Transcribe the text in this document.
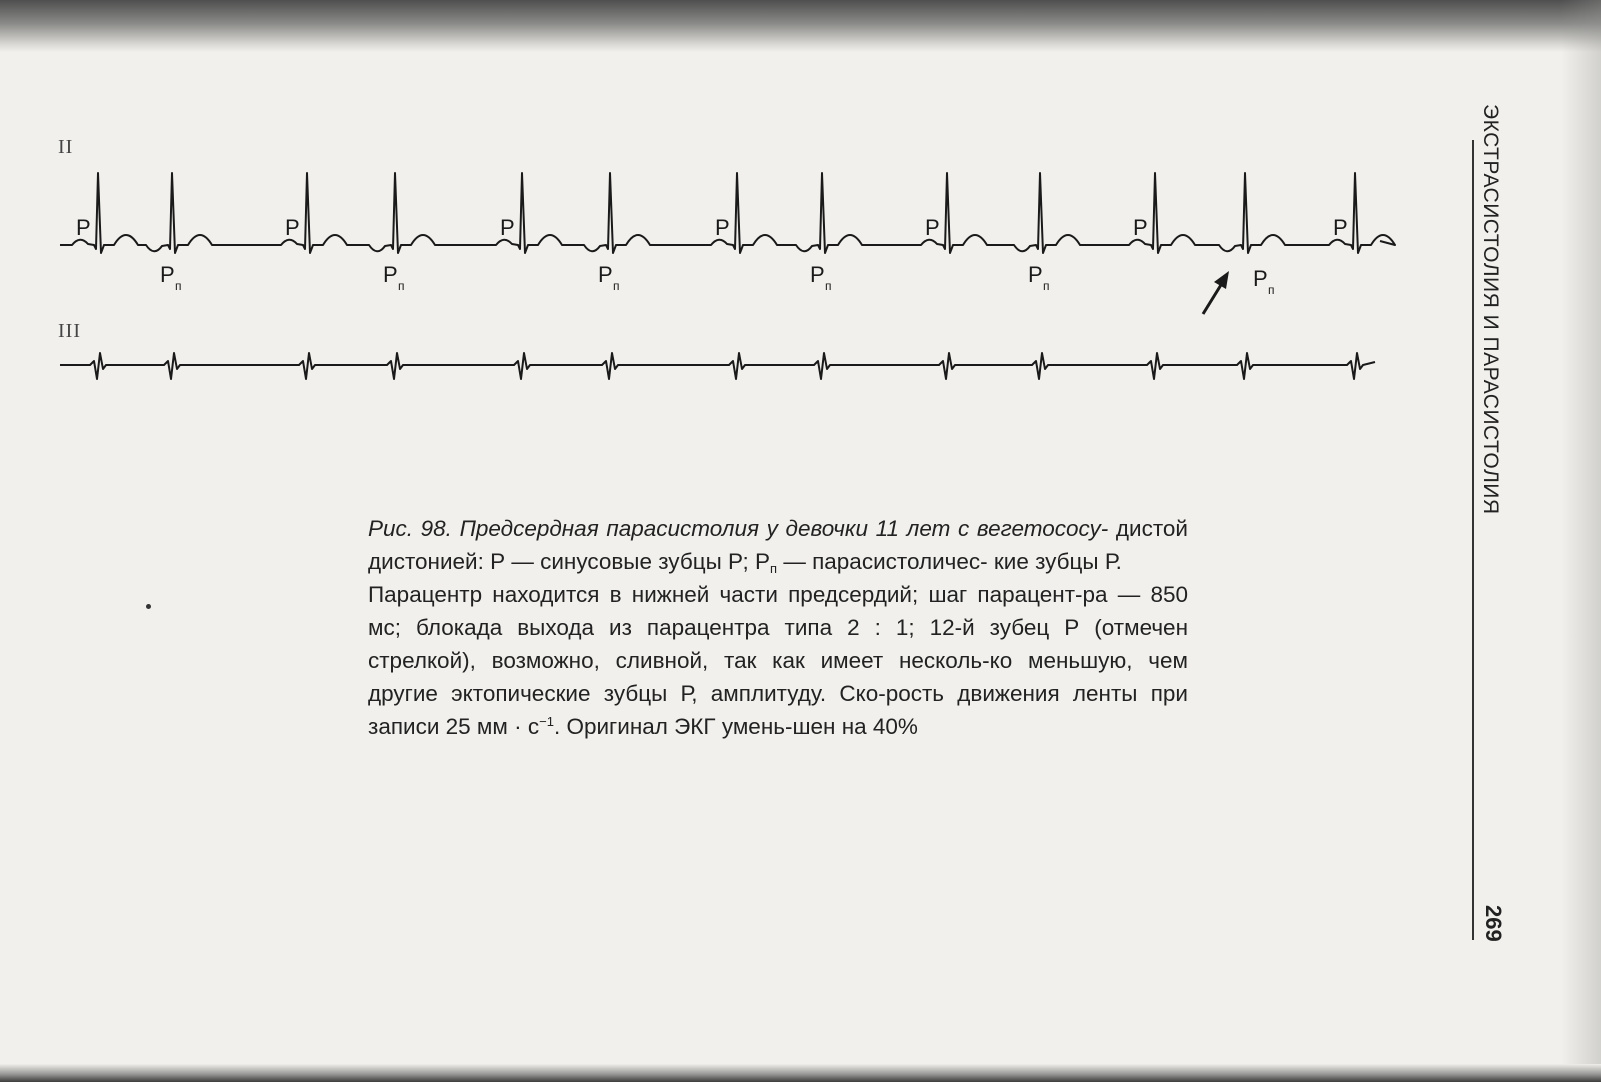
II
III
P	P	P	P	P	P	P
P п	P п	P п	P п	P п	P п

Рис. 98. Предсердная парасистолия у девочки 11 лет с вегетососу- дистой дистонией: Р — синусовые зубцы Р; $Р_п$ — парасистоличес- кие зубцы Р.

Парацентр находится в нижней части предсердий; шаг парацент-ра — 850 мс; блокада выхода из парацентра типа 2 : 1; 12-й зубец Р (отмечен стрелкой), возможно, сливной, так как имеет несколь-ко меньшую, чем другие эктопические зубцы Р, амплитуду. Ско-рость движения ленты при записи 25 мм · $с^{-1}$. Оригинал ЭКГ умень-шен на 40%

ЭКСТРАСИСТОЛИЯ И ПАРАСИСТОЛИЯ
269
